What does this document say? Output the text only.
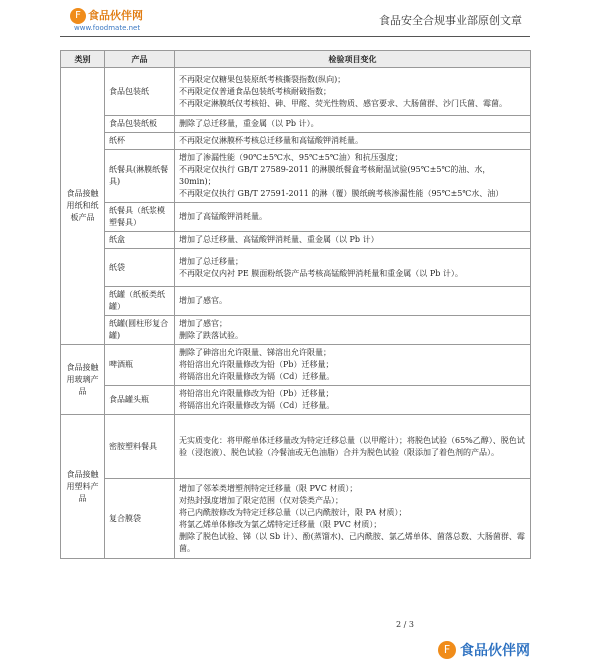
F 食品伙伴网
www.foodmate.net
食品安全合规事业部原创文章
类别	产品	检验项目变化
食品接触用纸和纸板产品	食品包装纸	不再限定仅糖果包装原纸考核撕裂指数(纵向)；
不再限定仅普通食品包装纸考核耐破指数；
不再限定淋膜纸仅考核铅、砷、甲醛、荧光性物质、感官要求、大肠菌群、沙门氏菌、霉菌。

	食品包装纸板	删除了总迁移量，重金属（以 Pb 计）。

	纸杯	不再限定仅淋膜杯考核总迁移量和高锰酸钾消耗量。

	纸餐具(淋膜纸餐具)	增加了渗漏性能（90℃±5℃水、95℃±5℃油）和抗压强度；
不再限定仅执行 GB/T 27589-2011 的淋膜纸餐盒考核耐温试验(95℃±5℃的油、水，30min)；
不再限定仅执行 GB/T 27591-2011 的淋（覆）膜纸碗考核渗漏性能（95℃±5℃水、油）

	纸餐具（纸浆模塑餐具）	增加了高锰酸钾消耗量。

	纸盒	增加了总迁移量、高锰酸钾消耗量、重金属（以 Pb 计）

	纸袋	增加了总迁移量；
不再限定仅内衬 PE 膜面粉纸袋产品考核高锰酸钾消耗量和重金属（以 Pb 计）。

	纸罐（纸板类纸罐）	增加了感官。

	纸罐(圆柱形复合罐)	增加了感官；
删除了跌落试验。

食品接触用玻璃产品	啤酒瓶	删除了砷溶出允许限量、锑溶出允许限量；
将铅溶出允许限量修改为铅（Pb）迁移量；
将镉溶出允许限量修改为镉（Cd）迁移量。

	食品罐头瓶	将铅溶出允许限量修改为铅（Pb）迁移量；
将镉溶出允许限量修改为镉（Cd）迁移量。

食品接触用塑料产品	密胺塑料餐具	无实质变化：将甲醛单体迁移量改为特定迁移总量（以甲醛计）；将脱色试验（65%乙醇）、脱色试验（浸泡液）、脱色试验（冷餐油或无色油脂）合并为脱色试验（限添加了着色剂的产品）。

	复合膜袋	增加了邻苯类增塑剂特定迁移量（限 PVC 材质）；
对热封强度增加了限定范围（仅对袋类产品）；
将己内酰胺修改为特定迁移总量（以己内酰胺计，限 PA 材质）；
将氯乙烯单体修改为氯乙烯特定迁移量（限 PVC 材质）；
删除了脱色试验、锑（以 Sb 计）、酚(蒸馏水)、己内酰胺、氯乙烯单体、菌落总数、大肠菌群、霉菌。
2 / 3
F 食品伙伴网
